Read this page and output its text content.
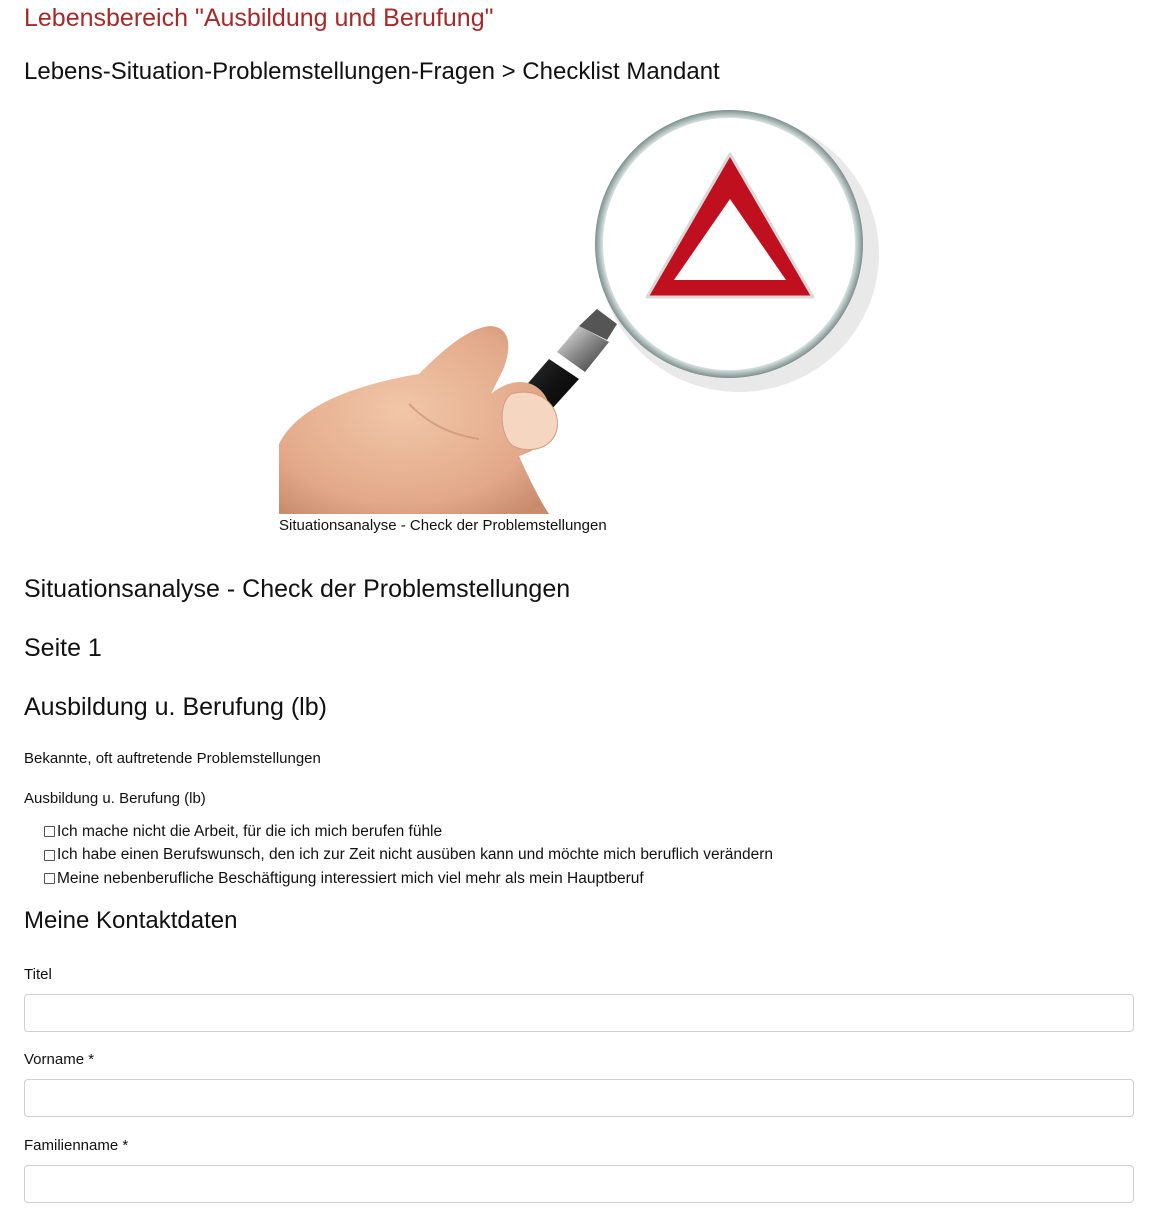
Lebensbereich "Ausbildung und Berufung"
Lebens-Situation-Problemstellungen-Fragen > Checklist Mandant
Situationsanalyse - Check der Problemstellungen
Situationsanalyse - Check der Problemstellungen
Seite 1
Ausbildung u. Berufung (lb)
Bekannte, oft auftretende Problemstellungen
Ausbildung u. Berufung (lb)
Ich mache nicht die Arbeit, für die ich mich berufen fühle
Ich habe einen Berufswunsch, den ich zur Zeit nicht ausüben kann und möchte mich beruflich verändern
Meine nebenberufliche Beschäftigung interessiert mich viel mehr als mein Hauptberuf
Meine Kontaktdaten
Titel
Vorname *
Familienname *
